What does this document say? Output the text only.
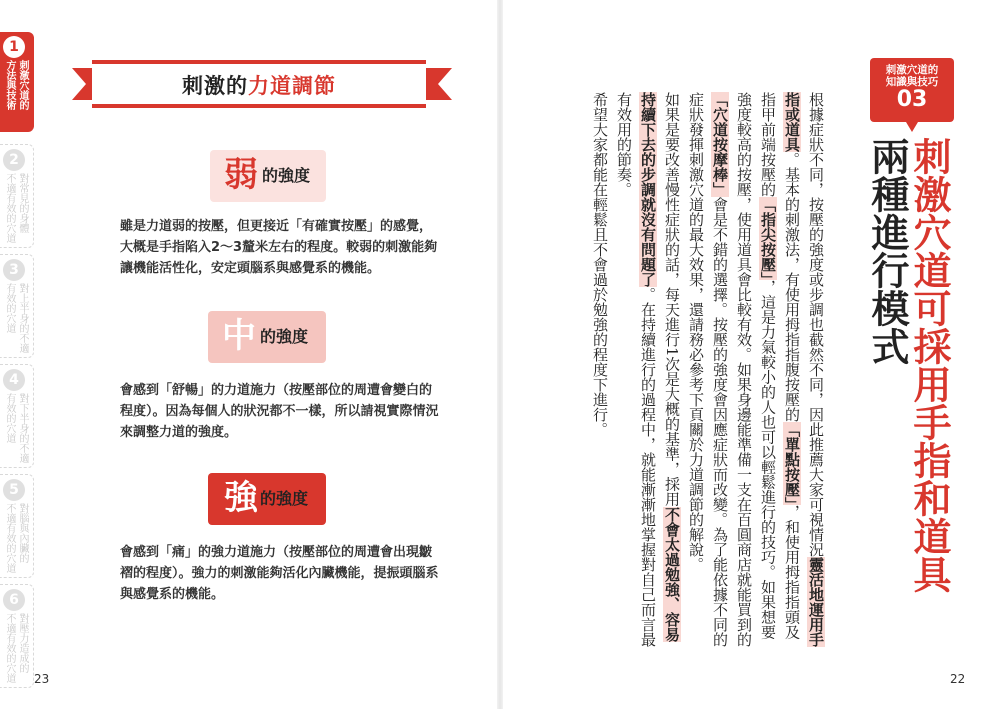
1
刺激穴道的
方法與技術
2
對常見的身體
不適有效的穴道
3
對上半身的不適
有效的穴道
4
對下半身的不適
有效的穴道
5
對腦與內臟的
不適有效的穴道
6
對壓力造成的
不適有效的穴道
刺激的力道調節
弱 的強度
雖是力道弱的按壓，但更接近「有確實按壓」的感覺，大概是手指陷入2～3釐米左右的程度。較弱的刺激能夠讓機能活性化，安定頭腦系與感覺系的機能。
中 的強度
會感到「舒暢」的力道施力（按壓部位的周遭會變白的程度）。因為每個人的狀況都不一樣，所以請視實際情況來調整力道的強度。
強 的強度
會感到「痛」的強力道施力（按壓部位的周遭會出現皺褶的程度）。強力的刺激能夠活化內臟機能，提振頭腦系與感覺系的機能。
23
刺激穴道的
知識與技巧
03
刺激穴道可採用手指和道具
兩種進行模式

根據症狀不同，按壓的強度或步調也截然不同，因此推薦大家可視情況靈活地運用手指或道具。基本的刺激法，有使用拇指指腹按壓的「單點按壓」，和使用拇指指頭及指甲前端按壓的「指尖按壓」，這是力氣較小的人也可以輕鬆進行的技巧。如果想要強度較高的按壓，使用道具會比較有效。如果身邊能準備一支在百圓商店就能買到的「穴道按摩棒」會是不錯的選擇。按壓的強度會因應症狀而改變。為了能依據不同的症狀發揮刺激穴道的最大效果，還請務必參考下頁關於力道調節的解說。

如果是要改善慢性症狀的話，每天進行1次是大概的基準，採用不會太過勉強、容易持續下去的步調就沒有問題了。在持續進行的過程中，就能漸漸地掌握對自己而言最有效用的節奏。

希望大家都能在輕鬆且不會過於勉強的程度下進行。

22
